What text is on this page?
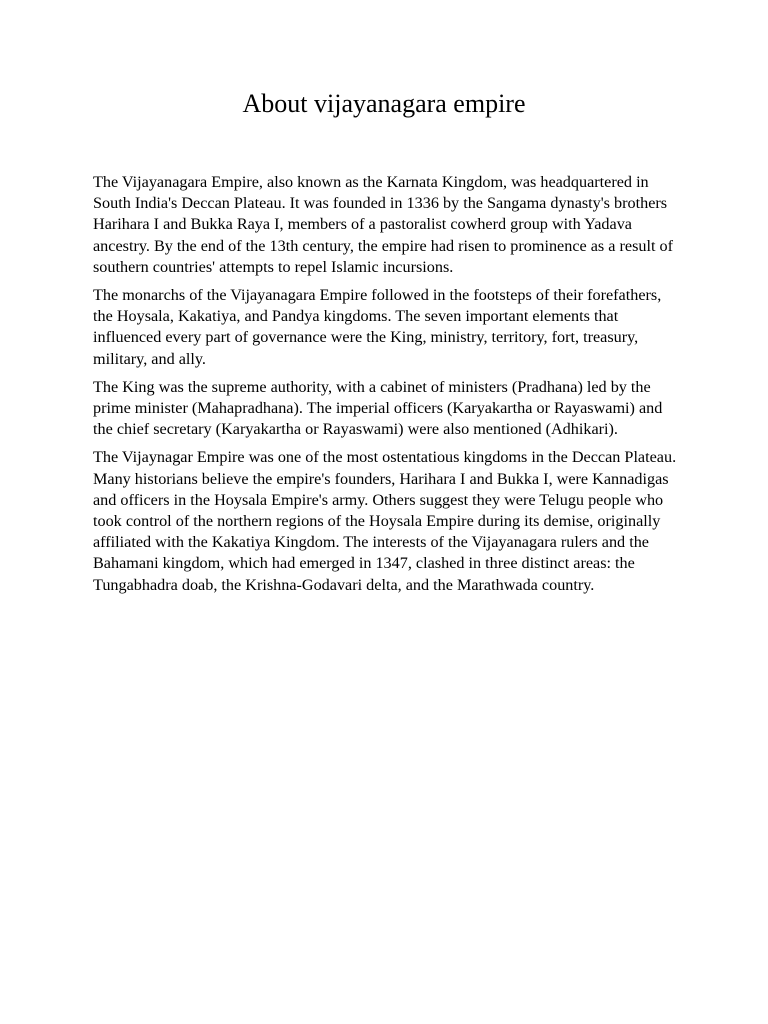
About vijayanagara empire

The Vijayanagara Empire, also known as the Karnata Kingdom, was headquartered in South India's Deccan Plateau. It was founded in 1336 by the Sangama dynasty's brothers Harihara I and Bukka Raya I, members of a pastoralist cowherd group with Yadava ancestry. By the end of the 13th century, the empire had risen to prominence as a result of southern countries' attempts to repel Islamic incursions.

The monarchs of the Vijayanagara Empire followed in the footsteps of their forefathers, the Hoysala, Kakatiya, and Pandya kingdoms. The seven important elements that influenced every part of governance were the King, ministry, territory, fort, treasury, military, and ally.

The King was the supreme authority, with a cabinet of ministers (Pradhana) led by the prime minister (Mahapradhana). The imperial officers (Karyakartha or Rayaswami) and the chief secretary (Karyakartha or Rayaswami) were also mentioned (Adhikari).

The Vijaynagar Empire was one of the most ostentatious kingdoms in the Deccan Plateau. Many historians believe the empire's founders, Harihara I and Bukka I, were Kannadigas and officers in the Hoysala Empire's army. Others suggest they were Telugu people who took control of the northern regions of the Hoysala Empire during its demise, originally affiliated with the Kakatiya Kingdom. The interests of the Vijayanagara rulers and the Bahamani kingdom, which had emerged in 1347, clashed in three distinct areas: the Tungabhadra doab, the Krishna-Godavari delta, and the Marathwada country.
